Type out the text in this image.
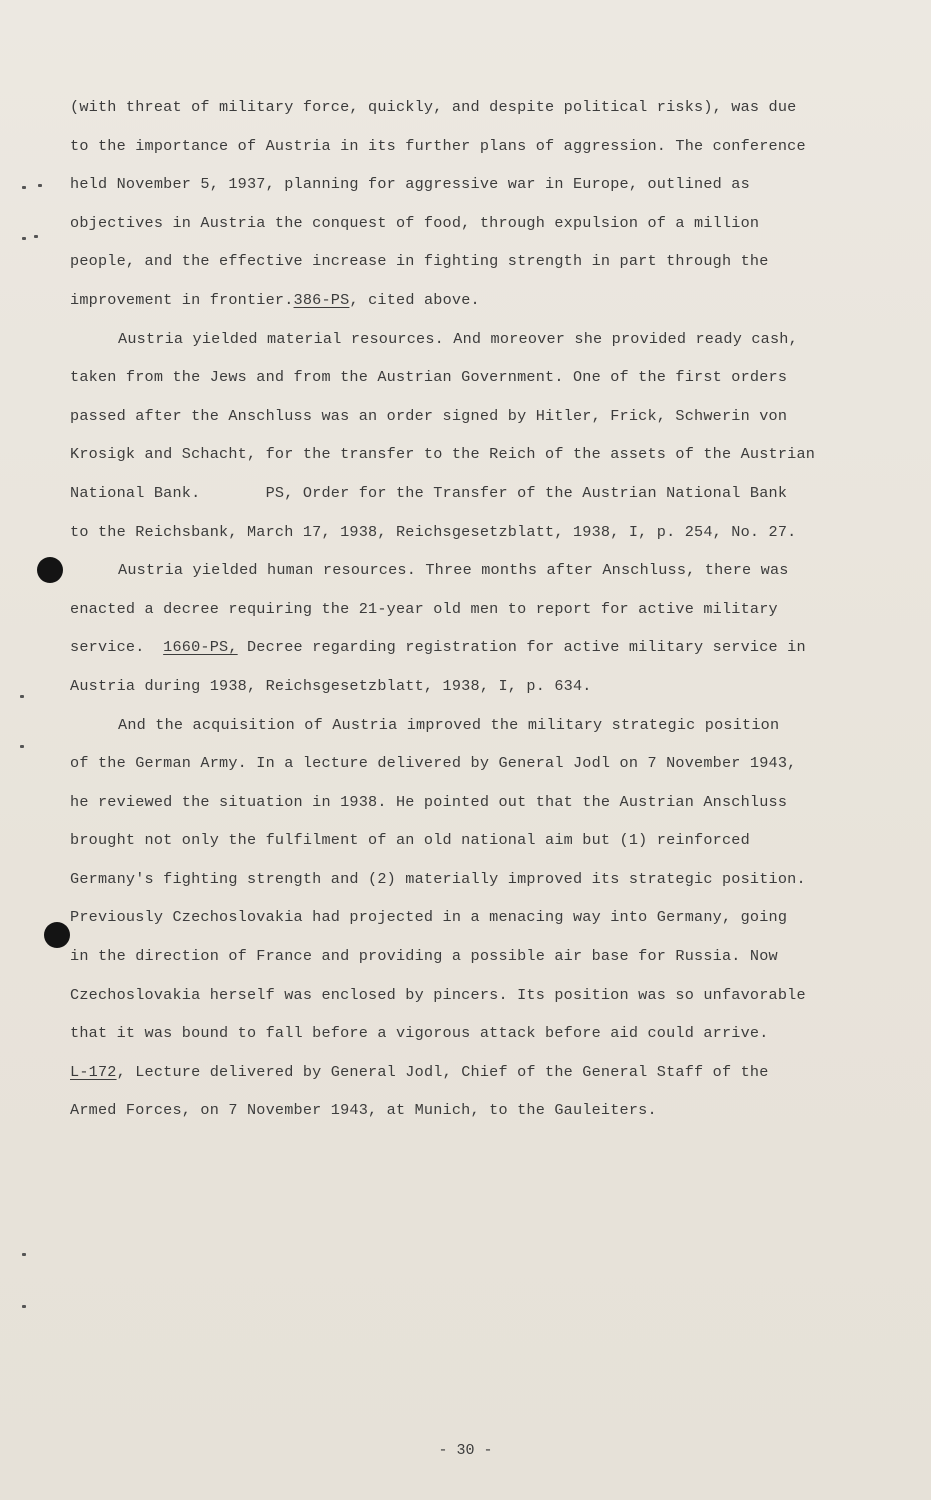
(with threat of military force, quickly, and despite political risks), was due
to the importance of Austria in its further plans of aggression. The conference
held November 5, 1937, planning for aggressive war in Europe, outlined as
objectives in Austria the conquest of food, through expulsion of a million
people, and the effective increase in fighting strength in part through the
improvement in frontier.386-PS, cited above.
Austria yielded material resources. And moreover she provided ready cash,
taken from the Jews and from the Austrian Government. One of the first orders
passed after the Anschluss was an order signed by Hitler, Frick, Schwerin von
Krosigk and Schacht, for the transfer to the Reich of the assets of the Austrian
National Bank.       PS, Order for the Transfer of the Austrian National Bank
to the Reichsbank, March 17, 1938, Reichsgesetzblatt, 1938, I, p. 254, No. 27.
Austria yielded human resources. Three months after Anschluss, there was
enacted a decree requiring the 21-year old men to report for active military
service.  1660-PS, Decree regarding registration for active military service in
Austria during 1938, Reichsgesetzblatt, 1938, I, p. 634.
And the acquisition of Austria improved the military strategic position
of the German Army. In a lecture delivered by General Jodl on 7 November 1943,
he reviewed the situation in 1938. He pointed out that the Austrian Anschluss
brought not only the fulfilment of an old national aim but (1) reinforced
Germany's fighting strength and (2) materially improved its strategic position.
Previously Czechoslovakia had projected in a menacing way into Germany, going
in the direction of France and providing a possible air base for Russia. Now
Czechoslovakia herself was enclosed by pincers. Its position was so unfavorable
that it was bound to fall before a vigorous attack before aid could arrive.
L-172, Lecture delivered by General Jodl, Chief of the General Staff of the
Armed Forces, on 7 November 1943, at Munich, to the Gauleiters.
- 30 -
